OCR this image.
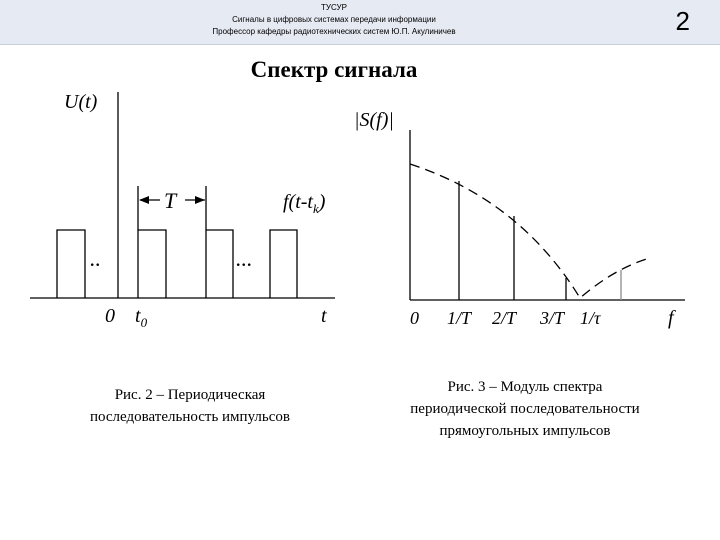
ТУСУР
Сигналы в цифровых системах передачи информации
Профессор кафедры радиотехнических систем Ю.П. Акулиничев	2
Спектр сигнала
T
U(t)
..	...
$f(t-t_k)$
0 $t_0$	t
|S(f)|
0 1/T 2/T 3/T 1/τ	f
Рис. 2 – Периодическая
последовательность импульсов
Рис. 3 – Модуль спектра
периодической последовательности
прямоугольных импульсов
